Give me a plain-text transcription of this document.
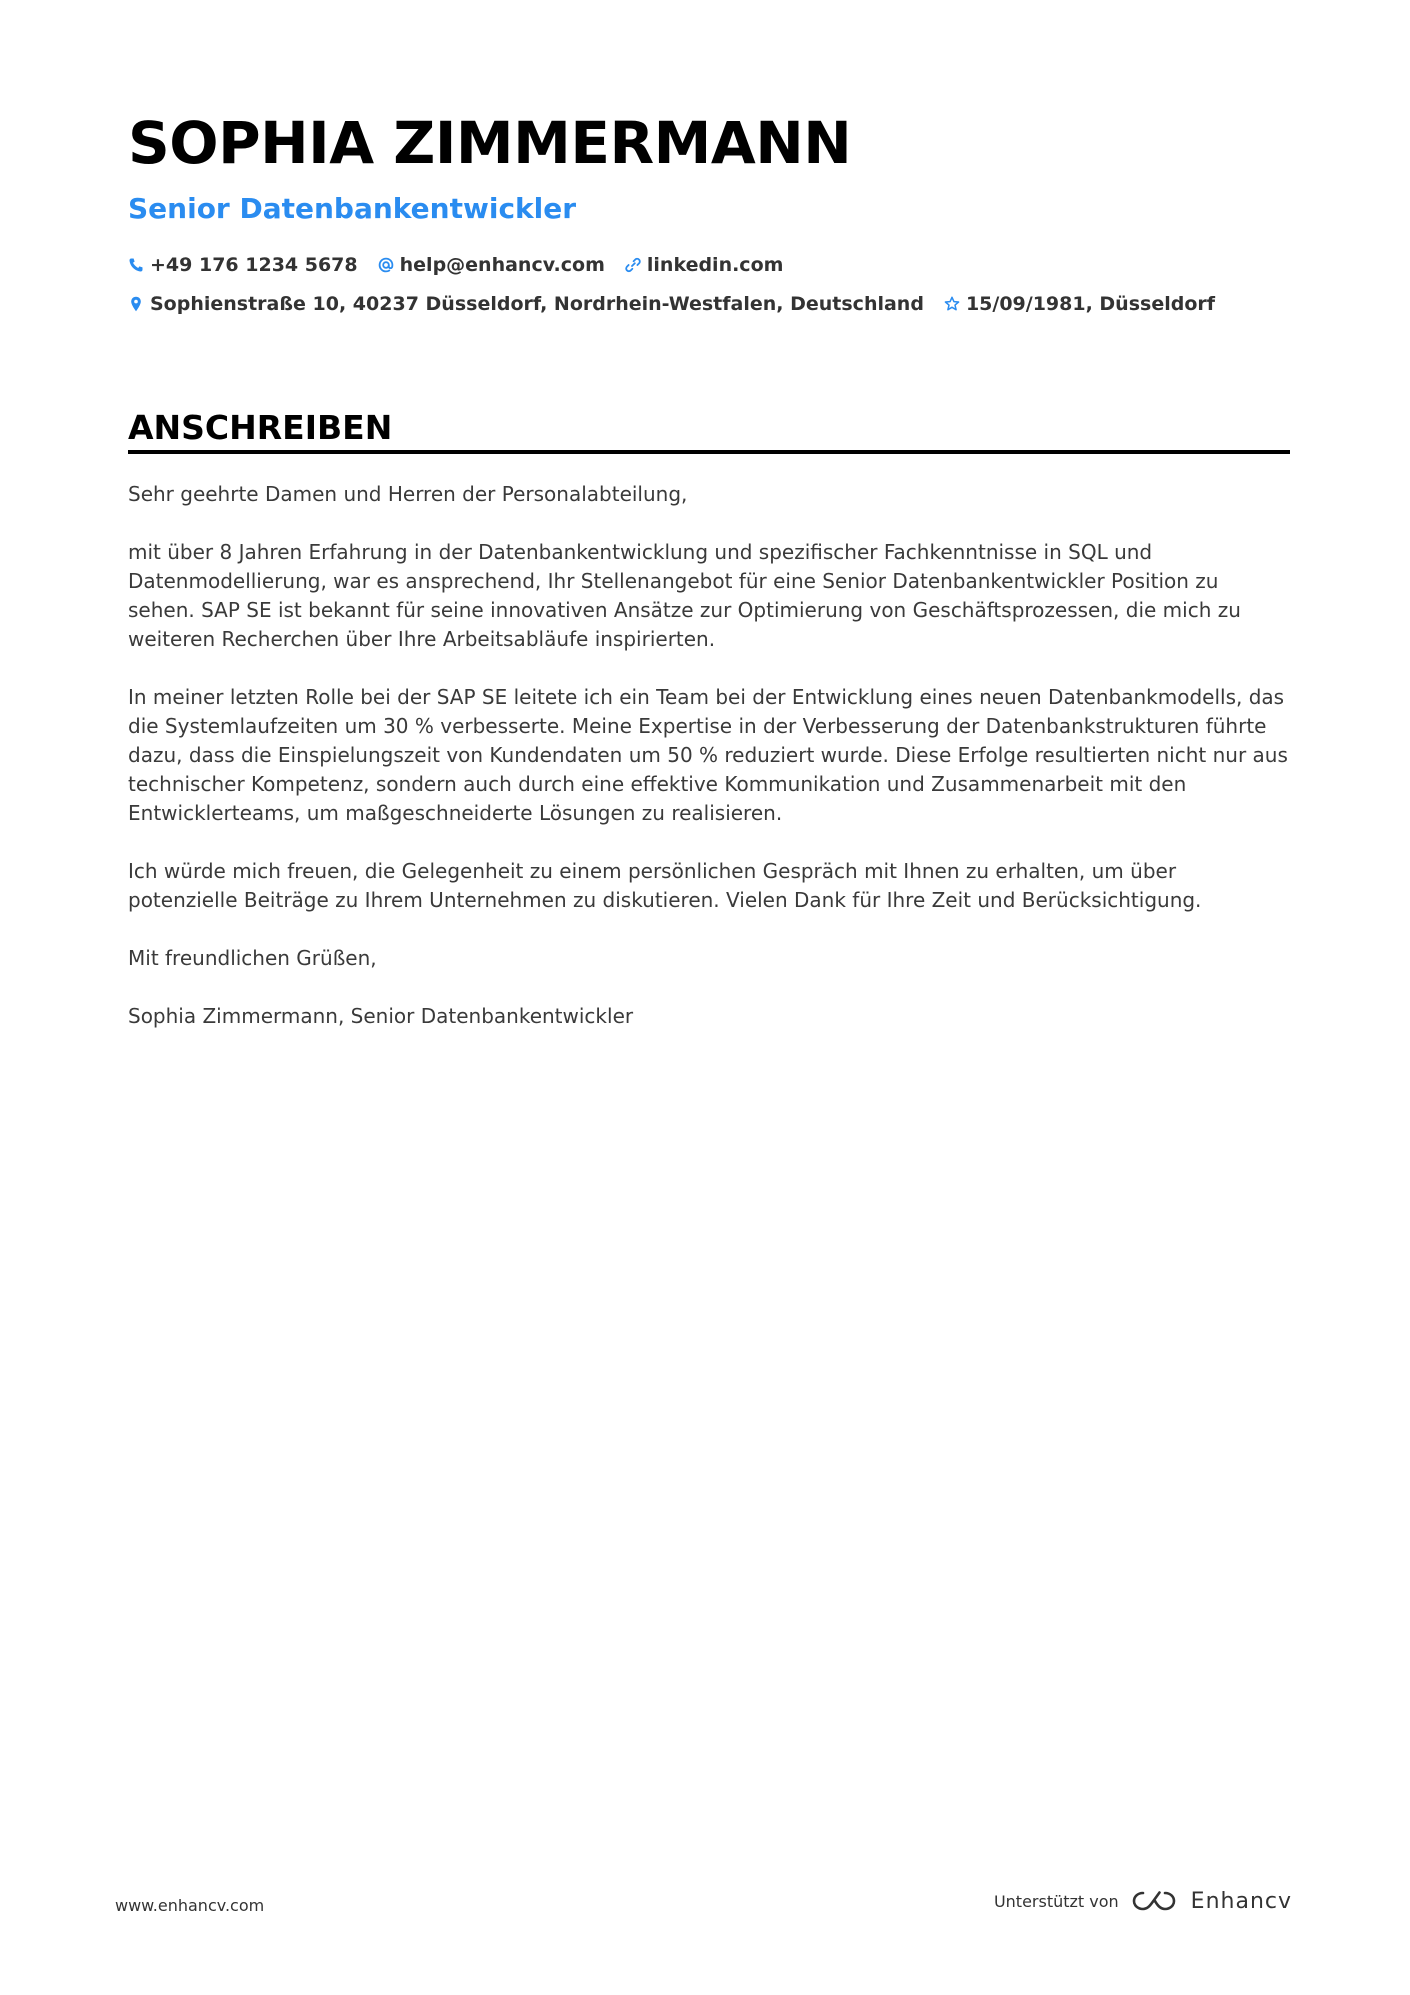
SOPHIA ZIMMERMANN
Senior Datenbankentwickler
+49 176 1234 5678 help@enhancv.com linkedin.com
Sophienstraße 10, 40237 Düsseldorf, Nordrhein-Westfalen, Deutschland 15/09/1981, Düsseldorf
ANSCHREIBEN

Sehr geehrte Damen und Herren der Personalabteilung,

mit über 8 Jahren Erfahrung in der Datenbankentwicklung und spezifischer Fachkenntnisse in SQL und Datenmodellierung, war es ansprechend, Ihr Stellenangebot für eine Senior Datenbankentwickler Position zu sehen. SAP SE ist bekannt für seine innovativen Ansätze zur Optimierung von Geschäftsprozessen, die mich zu weiteren Recherchen über Ihre Arbeitsabläufe inspirierten.

In meiner letzten Rolle bei der SAP SE leitete ich ein Team bei der Entwicklung eines neuen Datenbankmodells, das die Systemlaufzeiten um 30 % verbesserte. Meine Expertise in der Verbesserung der Datenbankstrukturen führte dazu, dass die Einspielungszeit von Kundendaten um 50 % reduziert wurde. Diese Erfolge resultierten nicht nur aus technischer Kompetenz, sondern auch durch eine effektive Kommunikation und Zusammenarbeit mit den Entwicklerteams, um maßgeschneiderte Lösungen zu realisieren.

Ich würde mich freuen, die Gelegenheit zu einem persönlichen Gespräch mit Ihnen zu erhalten, um über potenzielle Beiträge zu Ihrem Unternehmen zu diskutieren. Vielen Dank für Ihre Zeit und Berücksichtigung.

Mit freundlichen Grüßen,

Sophia Zimmermann, Senior Datenbankentwickler

www.enhancv.com	Unterstützt von	Enhancv
